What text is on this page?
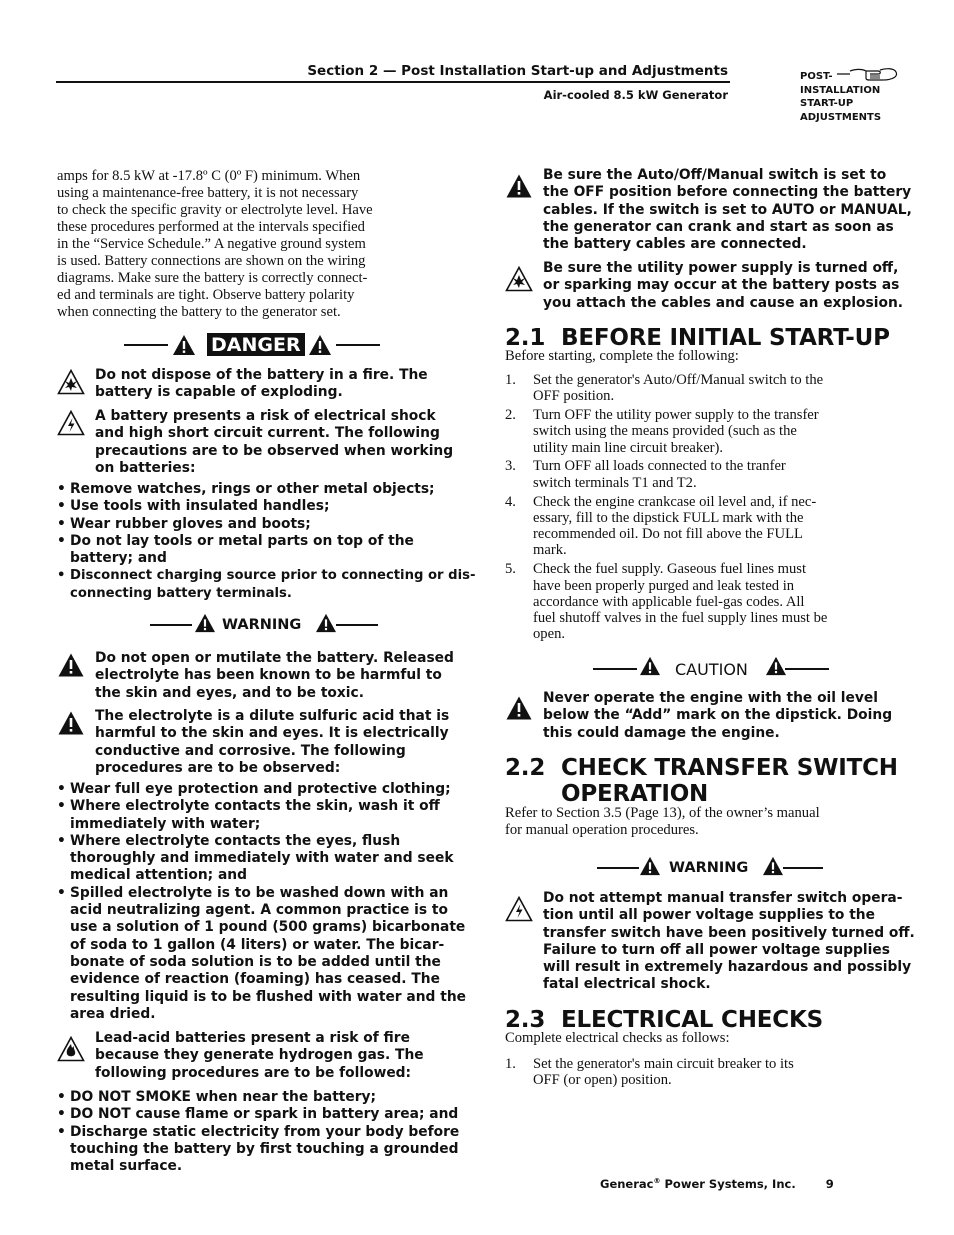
Section 2 — Post Installation Start-up and Adjustments
Air-cooled 8.5 kW Generator
POST-
INSTALLATION
START-UP
ADJUSTMENTS
amps for 8.5 kW at -17.8º C (0º F) minimum. When
using a maintenance-free battery, it is not necessary
to check the specific gravity or electrolyte level. Have
these procedures performed at the intervals specified
in the “Service Schedule.” A negative ground system
is used. Battery connections are shown on the wiring
diagrams. Make sure the battery is correctly connect-
ed and terminals are tight. Observe battery polarity
when connecting the battery to the generator set.
DANGER
Do not dispose of the battery in a fire. The
battery is capable of exploding.
A battery presents a risk of electrical shock
and high short circuit current. The following
precautions are to be observed when working
on batteries:
• Remove watches, rings or other metal objects;
• Use tools with insulated handles;
• Wear rubber gloves and boots;
• Do not lay tools or metal parts on top of the
battery; and
• Disconnect charging source prior to connecting or dis-
connecting battery terminals.
WARNING
Do not open or mutilate the battery. Released
electrolyte has been known to be harmful to
the skin and eyes, and to be toxic.
The electrolyte is a dilute sulfuric acid that is
harmful to the skin and eyes. It is electrically
conductive and corrosive. The following
procedures are to be observed:
• Wear full eye protection and protective clothing;
• Where electrolyte contacts the skin, wash it off
immediately with water;
• Where electrolyte contacts the eyes, flush
thoroughly and immediately with water and seek
medical attention; and
• Spilled electrolyte is to be washed down with an
acid neutralizing agent. A common practice is to
use a solution of 1 pound (500 grams) bicarbonate
of soda to 1 gallon (4 liters) or water. The bicar-
bonate of soda solution is to be added until the
evidence of reaction (foaming) has ceased. The
resulting liquid is to be flushed with water and the
area dried.
Lead-acid batteries present a risk of fire
because they generate hydrogen gas. The
following procedures are to be followed:
• DO NOT SMOKE when near the battery;
• DO NOT cause flame or spark in battery area; and
• Discharge static electricity from your body before
touching the battery by first touching a grounded
metal surface.
Be sure the Auto/Off/Manual switch is set to
the OFF position before connecting the battery
cables. If the switch is set to AUTO or MANUAL,
the generator can crank and start as soon as
the battery cables are connected.
Be sure the utility power supply is turned off,
or sparking may occur at the battery posts as
you attach the cables and cause an explosion.
2.1 BEFORE INITIAL START-UP
Before starting, complete the following:
1. Set the generator's Auto/Off/Manual switch to the
OFF position.
2. Turn OFF the utility power supply to the transfer
switch using the means provided (such as the
utility main line circuit breaker).
3. Turn OFF all loads connected to the tranfer
switch terminals T1 and T2.
4. Check the engine crankcase oil level and, if nec-
essary, fill to the dipstick FULL mark with the
recommended oil. Do not fill above the FULL
mark.
5. Check the fuel supply. Gaseous fuel lines must
have been properly purged and leak tested in
accordance with applicable fuel-gas codes. All
fuel shutoff valves in the fuel supply lines must be
open.
CAUTION
Never operate the engine with the oil level
below the “Add” mark on the dipstick. Doing
this could damage the engine.
2.2 CHECK TRANSFER SWITCH
OPERATION
Refer to Section 3.5 (Page 13), of the owner’s manual
for manual operation procedures.
WARNING
Do not attempt manual transfer switch opera-
tion until all power voltage supplies to the
transfer switch have been positively turned off.
Failure to turn off all power voltage supplies
will result in extremely hazardous and possibly
fatal electrical shock.
2.3 ELECTRICAL CHECKS
Complete electrical checks as follows:
1. Set the generator's main circuit breaker to its
OFF (or open) position.
Generac® Power Systems, Inc.	9
